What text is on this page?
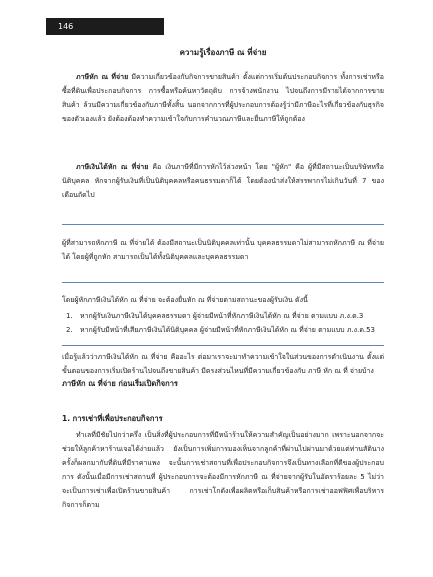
146
ความรู้เรื่องภาษี ณ ที่จ่าย

ภาษีหัก ณ ที่จ่าย มีความเกี่ยวข้องกับกิจการขายสินค้า ตั้งแต่การเริ่มต้นประกอบกิจการ ทั้งการเช่าหรือซื้อที่ดินเพื่อประกอบกิจการ การซื้อหรือค้นหาวัตถุดิบ การจ้างพนักงาน ไปจนถึงการมีรายได้จากการขายสินค้า ล้วนมีความเกี่ยวข้องกับภาษีทั้งสิ้น นอกจากการที่ผู้ประกอบการต้องรู้ว่ามีภาษีอะไรที่เกี่ยวข้องกับธุรกิจของตัวเองแล้ว ยังต้องต้องทำความเข้าใจกับการคำนวณภาษีและยื่นภาษีให้ถูกต้อง

ภาษีเงินได้หัก ณ ที่จ่าย คือ เงินภาษีที่มีการหักไว้ล่วงหน้า โดย "ผู้หัก" คือ ผู้ที่มีสถานะเป็นบริษัทหรือนิติบุคคล หักจากผู้รับเงินที่เป็นนิติบุคคลหรือคนธรรมดาก็ได้ โดยต้องนำส่งให้สรรพากรไม่เกินวันที่ 7 ของเดือนถัดไป

ผู้ที่สามารถหักภาษี ณ ที่จ่ายได้ ต้องมีสถานะเป็นนิติบุคคลเท่านั้น บุคคลธรรมดาไม่สามารถหักภาษี ณ ที่จ่ายได้ โดยผู้ที่ถูกหัก สามารถเป็นได้ทั้งนิติบุคคลและบุคคลธรรมดา

โดยผู้หักภาษีเงินได้หัก ณ ที่จ่าย จะต้องยื่นหัก ณ ที่จ่ายตามสถานะของผู้รับเงิน ดังนี้

1. หากผู้รับเงินภาษีเงินได้บุคคลธรรมดา ผู้จ่ายมีหน้าที่หักภาษีเงินได้หัก ณ ที่จ่าย ตามแบบ ภ.ง.ด.3
2. หากผู้รับมีหน้าที่เสียภาษีเงินได้นิติบุคคล ผู้จ่ายมีหน้าที่หักภาษีเงินได้หัก ณ ที่จ่าย ตามแบบ ภ.ง.ด.53

เมื่อรู้แล้วว่าภาษีเงินได้หัก ณ ที่จ่าย คืออะไร ต่อมาเราจะมาทำความเข้าใจในส่วนของการดำเนินงาน ตั้งแต่ขั้นตอนของการเริ่มเปิดร้านไปจนถึงขายสินค้า มีตรงส่วนไหนที่มีความเกี่ยวข้องกับ ภาษี หัก ณ ที่ จ่ายบ้าง

ภาษีหัก ณ ที่จ่าย ก่อนเริ่มเปิดกิจการ
1. การเช่าที่เพื่อประกอบกิจการ

ทำเลที่มีชัยไปกว่าครึ่ง เป็นสิ่งที่ผู้ประกอบการที่มีหน้าร้านให้ความสำคัญเป็นอย่างมาก เพราะนอกจากจะช่วยให้ลูกค้าหาร้านเจอได้ง่ายแล้ว ยังเป็นการเพิ่มการมองเห็นจากลูกค้าที่ผ่านไปผ่านมาด้วยแต่ท่านสัตินางครั้งก็ผลกมากับที่ดินที่มีราคาแพง จะนั้นการเช่าสถานที่เพื่อประกอบกิจการจึงเป็นทางเลือกที่ดีของผู้ประกอบการ ดังนั้นเมื่อมีการเช่าสถานที่ ผู้ประกอบการจะต้องมีการหักภาษี ณ ที่จ่ายจากผู้รับในอัตราร้อยละ 5 ไม่ว่าจะเป็นการเช่าเพื่อเปิดร้านขายสินค้า การเช่าโกดังเพื่อผลิตหรือเก็บสินค้าหรือการเช่าออฟฟิศเพื่อบริหารกิจการก็ตาม
